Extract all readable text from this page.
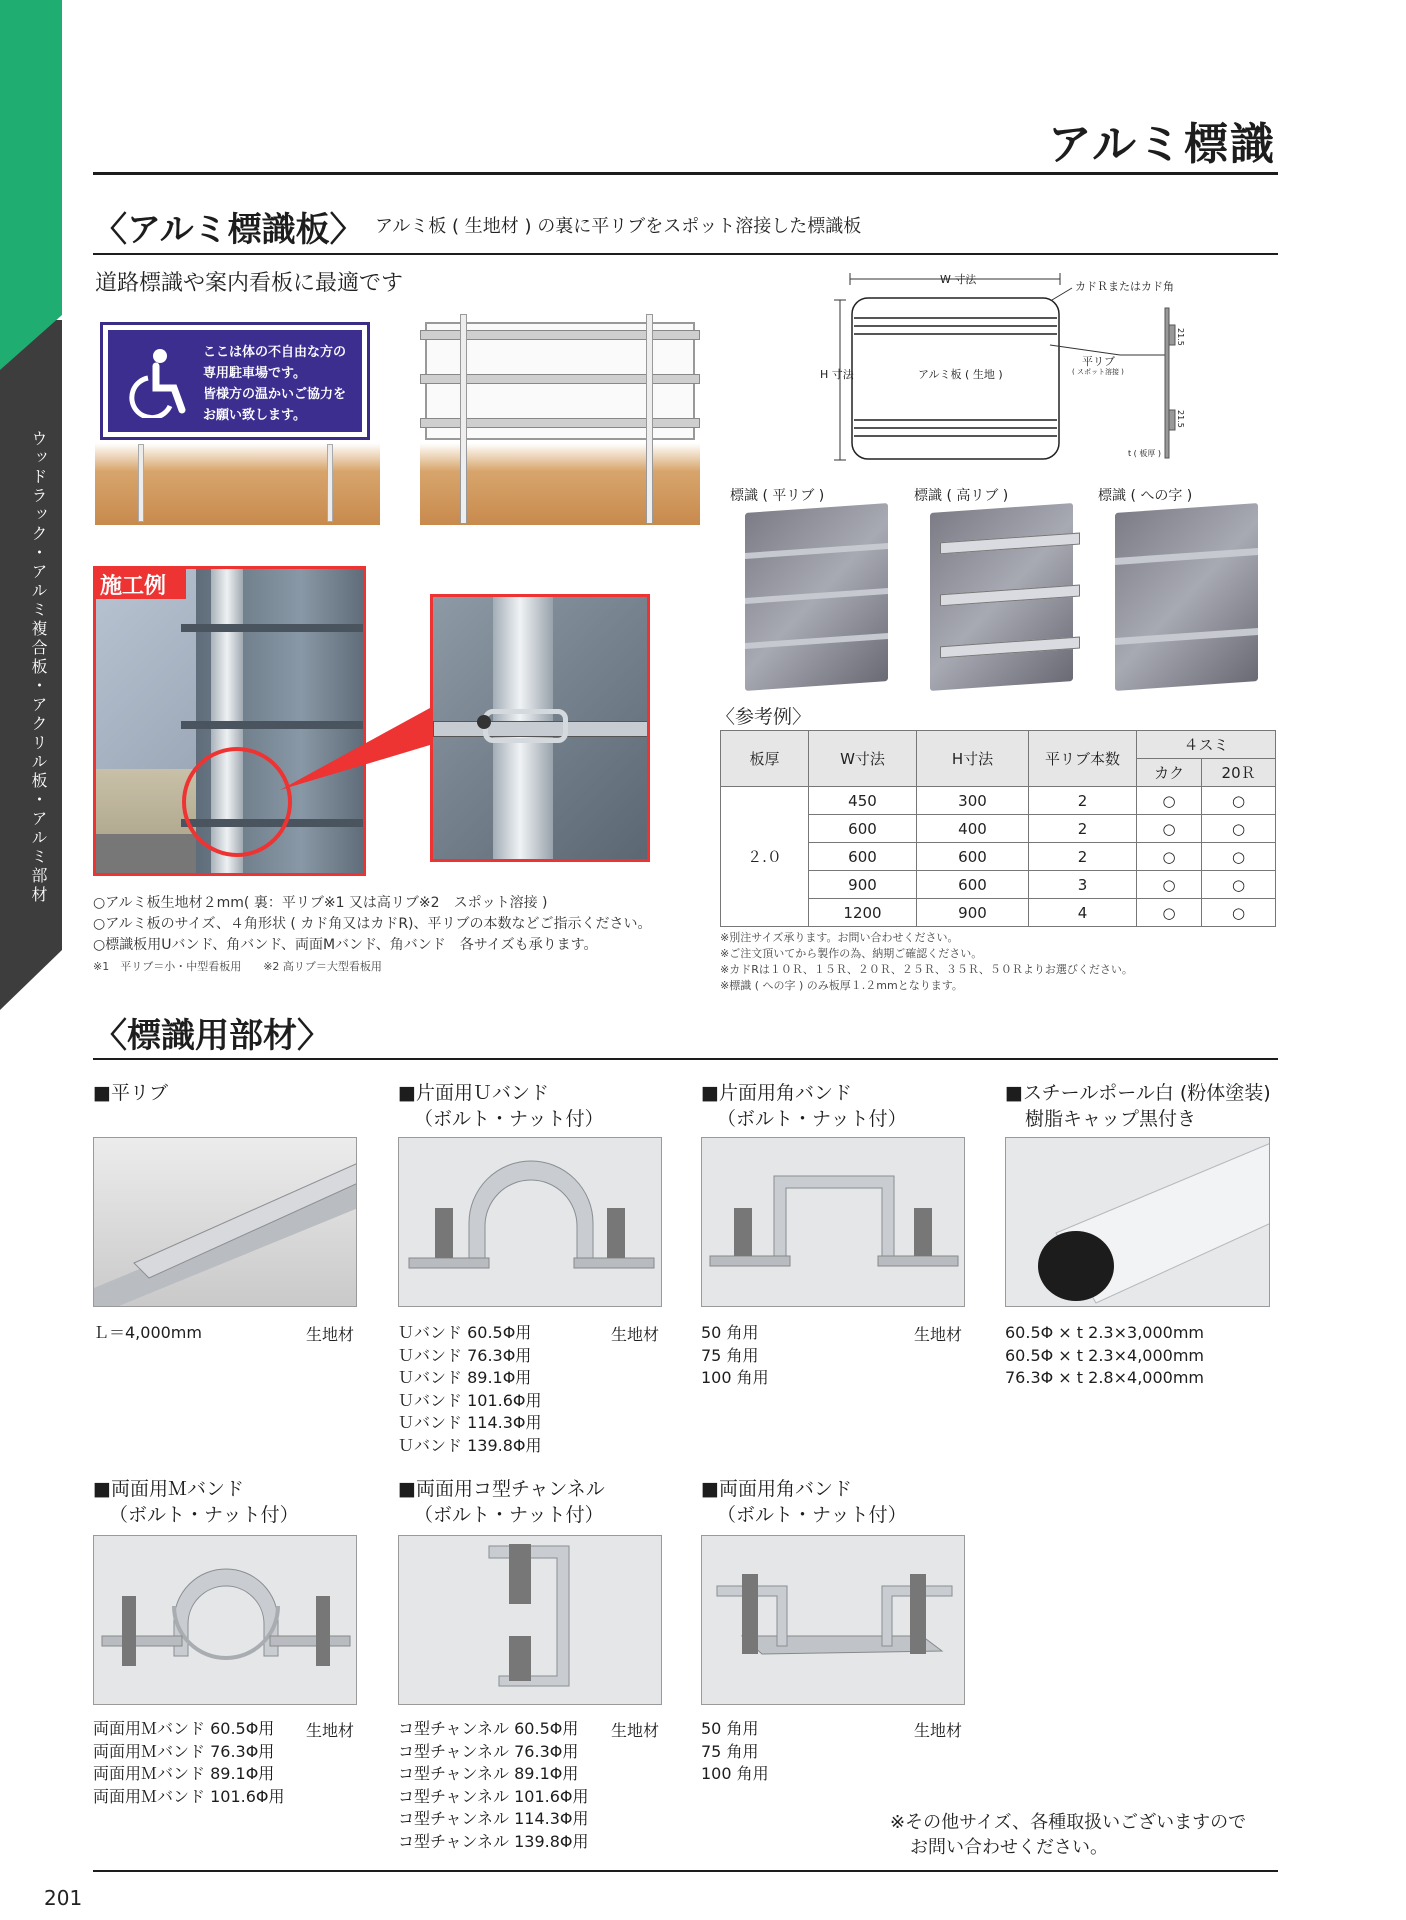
ウッドラック・アルミ複合板・アクリル板・アルミ部材
アルミ標識
〈アルミ標識板〉 アルミ板 ( 生地材 ) の裏に平リブをスポット溶接した標識板
道路標識や案内看板に最適です
ここは体の不自由な方の
専用駐車場です。
皆様方の温かいご協力を
お願い致します。
施工例
○アルミ板生地材２mm( 裏：平リブ※1 又は高リブ※2　スポット溶接 )
○アルミ板のサイズ、４角形状 ( カド角又はカドR)、平リブの本数などご指示ください。
○標識板用Uバンド、角バンド、両面Mバンド、角バンド　各サイズも承ります。
※1　平リブ＝小・中型看板用　　※2 高リブ＝大型看板用
W 寸法
H 寸法	アルミ板 ( 生地 )
カドＲまたはカド角
平リブ
( スポット溶接 )
t ( 板厚 )
21.5
21.5
標識 ( 平リブ )	標識 ( 高リブ )	標識 ( への字 )
〈参考例〉
板厚	W寸法	H寸法	平リブ本数	４スミ	
				カク	20Ｒ
２.０	450	300	2	○	○
	600	400	2	○	○
	600	600	2	○	○
	900	600	3	○	○
	1200	900	4	○	○
※別注サイズ承ります。お問い合わせください。
※ご注文頂いてから製作の為、納期ご確認ください。
※カドRは１０Ｒ、１５Ｒ、２０Ｒ、２５Ｒ、３５Ｒ、５０Ｒよりお選びください。
※標識 ( への字 ) のみ板厚１.２mmとなります。
〈標識用部材〉
■平リブ
Ｌ＝4,000mm	生地材
■片面用Ｕバンド
（ボルト・ナット付）
Ｕバンド 60.5Φ用
Ｕバンド 76.3Φ用
Ｕバンド 89.1Φ用
Ｕバンド 101.6Φ用
Ｕバンド 114.3Φ用
Ｕバンド 139.8Φ用
生地材
■片面用角バンド
（ボルト・ナット付）
50 角用
75 角用
100 角用
生地材
■スチールポール白 (粉体塗装)
樹脂キャップ黒付き
60.5Φ × t 2.3×3,000mm
60.5Φ × t 2.3×4,000mm
76.3Φ × t 2.8×4,000mm
■両面用Ｍバンド
（ボルト・ナット付）
両面用Ｍバンド 60.5Φ用
両面用Ｍバンド 76.3Φ用
両面用Ｍバンド 89.1Φ用
両面用Ｍバンド 101.6Φ用
生地材
■両面用コ型チャンネル
（ボルト・ナット付）
コ型チャンネル 60.5Φ用
コ型チャンネル 76.3Φ用
コ型チャンネル 89.1Φ用
コ型チャンネル 101.6Φ用
コ型チャンネル 114.3Φ用
コ型チャンネル 139.8Φ用
生地材
■両面用角バンド
（ボルト・ナット付）
50 角用
75 角用
100 角用
生地材
※その他サイズ、各種取扱いございますので
お問い合わせください。
201
